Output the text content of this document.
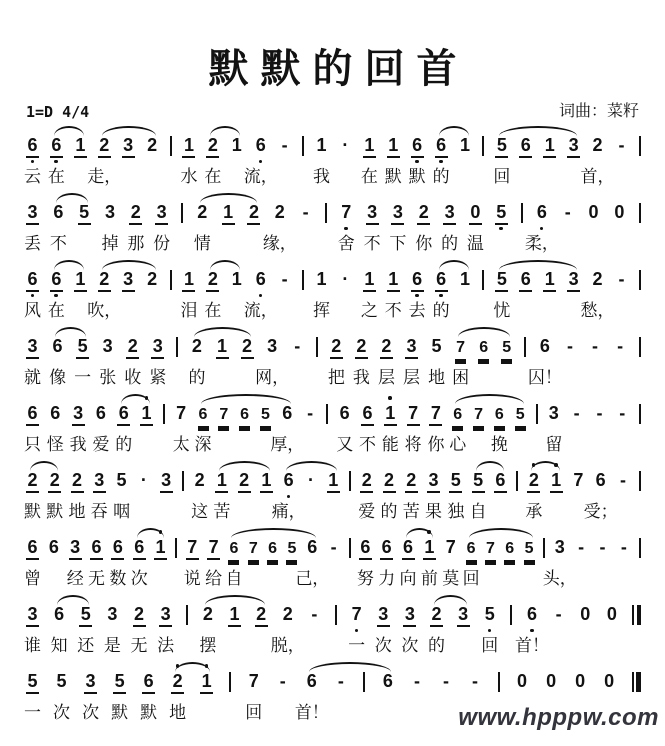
默默的回首
1=D 4/4	词曲：菜籽
6
云
6
在
1 2
走，
3 2 1
水
2
在
1 6
流，
- 1
我
· 1
在
1
默
6
默
6
的
1 5
回
6 1 3 2
首，
-
3
丢
6
不
5 3
掉
2
那
3
份
2
情
1 2 2
缘，
- 7
舍
3
不
3
下
2
你
3
的
0
温
5 6
柔，
- 0 0
6
风
6
在
1 2
吹，
3 2 1
泪
2
在
1 6
流，
- 1
挥
· 1
之
1
不
6
去
6
的
1 5
忧
6 1 3 2
愁，
-
3
就
6
像
5
一
3
张
2
收
3
紧
2
的
1 2 3
网，
- 2
把
2
我
2
层
3
层
5
地
7
困
6 5 6
囚！
- - -
6
只
6
怪
3
我
6
爱
6
的
1 7
太
6
深
7 6 5 6
厚，
- 6
又
6
不
1
能
7
将
7
你
6
心
7 6
挽
5 3
留
- - -
2
默
2
默
2
地
3
吞
5
咽
· 3 2
这
1
苦
2 1 6
痛，
· 1 2
爱
2
的
2
苦
3
果
5
独
5
自
6 2
承
1 7 6
受；
-
6
曾
6 3
经
6
无
6
数
6
次
1 7
说
7
给
6
自
7 6 5 6
己，
- 6
努
6
力
6
向
1
前
7
莫
6
回
7 6 5 3
头，
- - -
3
谁
6
知
5
还
3
是
2
无
3
法
2
摆
1 2 2
脱，
- 7
一
3
次
3
次
2
的
3 5
回
6
首！
- 0 0
5
一
5
次
3
次
5
默
6
默
2
地
1 7
回
- 6
首！
- 6 - - - 0 0 0 0
www.hpppw.com
